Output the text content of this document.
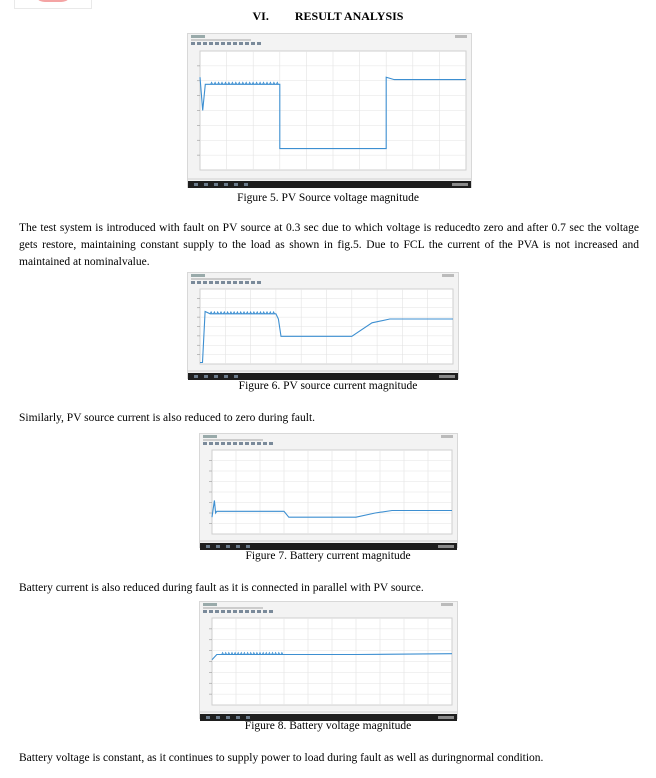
VI. RESULT ANALYSIS
Figure 5. PV Source voltage magnitude
The test system is introduced with fault on PV source at 0.3 sec due to which voltage is reducedto zero and after 0.7 sec the voltage gets restore, maintaining constant supply to the load as shown in fig.5. Due to FCL the current of the PVA is not increased and maintained at nominalvalue.
Figure 6. PV source current magnitude
Similarly, PV source current is also reduced to zero during fault.
Figure 7. Battery current magnitude
Battery current is also reduced during fault as it is connected in parallel with PV source.
Figure 8. Battery voltage magnitude
Battery voltage is constant, as it continues to supply power to load during fault as well as duringnormal condition.
